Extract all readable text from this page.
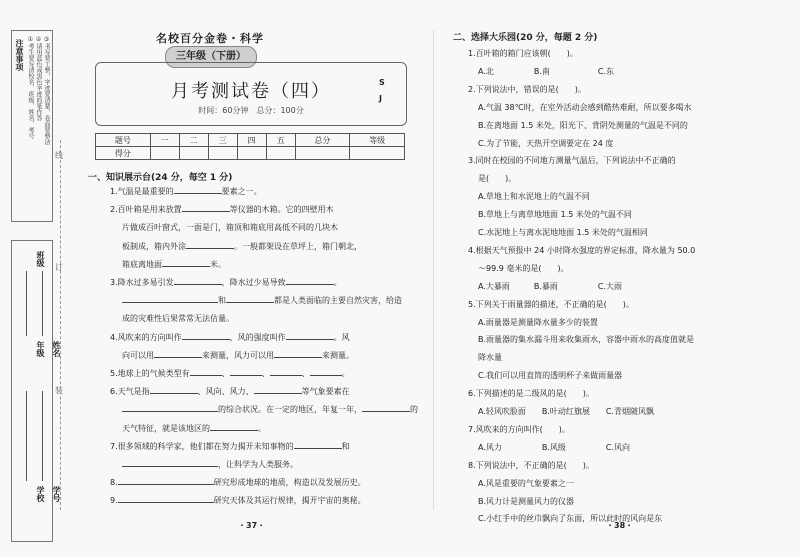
注意事项 ①考生要写清校名、班级、姓名、考号 ②请用蓝色或黑色字迹的笔作答 ③书写要工整，字迹要清楚，卷面要整洁
年级
班级
姓名
学校 学号
线
订
装
名校百分金卷・科学
三年级（下册）
月考测试卷（四）
时间：60分钟　总分：100分
S
J
题号	一	二	三	四	五	总分	等级
得分							
一、知识展示台(24 分，每空 1 分)
1.气温是最重要的	要素之一。
2.百叶箱是用来放置	等仪器的木箱。它的四壁用木
片做成百叶窗式，一面是门，箱顶和箱底用高低不同的几块木
板制成，箱内外涂	。一般都架设在草坪上，箱门朝北，
箱底离地面	米。
3.降水过多易引发	，降水过少易导致	。
和	都是人类面临的主要自然灾害，给造
成的灾难性后果常常无法估量。
4.风吹来的方向叫作	，风的强度叫作	。风
向可以用	来测量，风力可以用	来测量。
5.地球上的气候类型有	、	、	、	。
6.天气是指	、风向、风力、	等气象要素在
的综合状况。在一定的地区，年复一年，	的
天气特征，就是该地区的	。
7.很多领域的科学家，他们都在努力揭开未知事物的	和
，让科学为人类服务。
8.	研究形成地球的地质，构造以及发展历史。
9.	研究天体及其运行规律，揭开宇宙的奥秘。
二、选择大乐园(20 分，每题 2 分)
1.百叶箱的箱门应该朝(　　)。
A.北　　　　　B.南　　　　　　C.东
2.下列说法中，错误的是(　　)。
A.气温 38℃时，在室外活动会感到酷热难耐，所以要多喝水
B.在离地面 1.5 米处，阳光下、背阴处测量的气温是不同的
C.为了节能，天热开空调要定在 24 度
3.同时在校园的不同地方测量气温后，下列说法中不正确的
是(　　)。
A.草地上和水泥地上的气温不同
B.草地上与离草地地面 1.5 米处的气温不同
C.水泥地上与离水泥地地面 1.5 米处的气温相同
4.根据天气预报中 24 小时降水强度的界定标准，降水量为 50.0
～99.9 毫米的是(　　)。
A.大暴雨　　　B.暴雨　　　　　C.大雨
5.下列关于雨量器的描述，不正确的是(　　)。
A.雨量器是测量降水量多少的装置
B.雨量器的集水漏斗用来收集雨水，容器中雨水的高度值就是
降水量
C.我们可以用直筒的透明杯子来做雨量器
6.下列描述的是二级风的是(　　)。
A.轻风吹脸面　　B.叶动红旗展　　C.青烟随风飘
7.风吹来的方向叫作(　　)。
A.风力　　　　　B.风级　　　　　C.风向
8.下列说法中，不正确的是(　　)。
A.风是重要的气象要素之一
B.风力计是测量风力的仪器
C.小红手中的丝巾飘向了东面，所以此时的风向是东
・37・	・38・
